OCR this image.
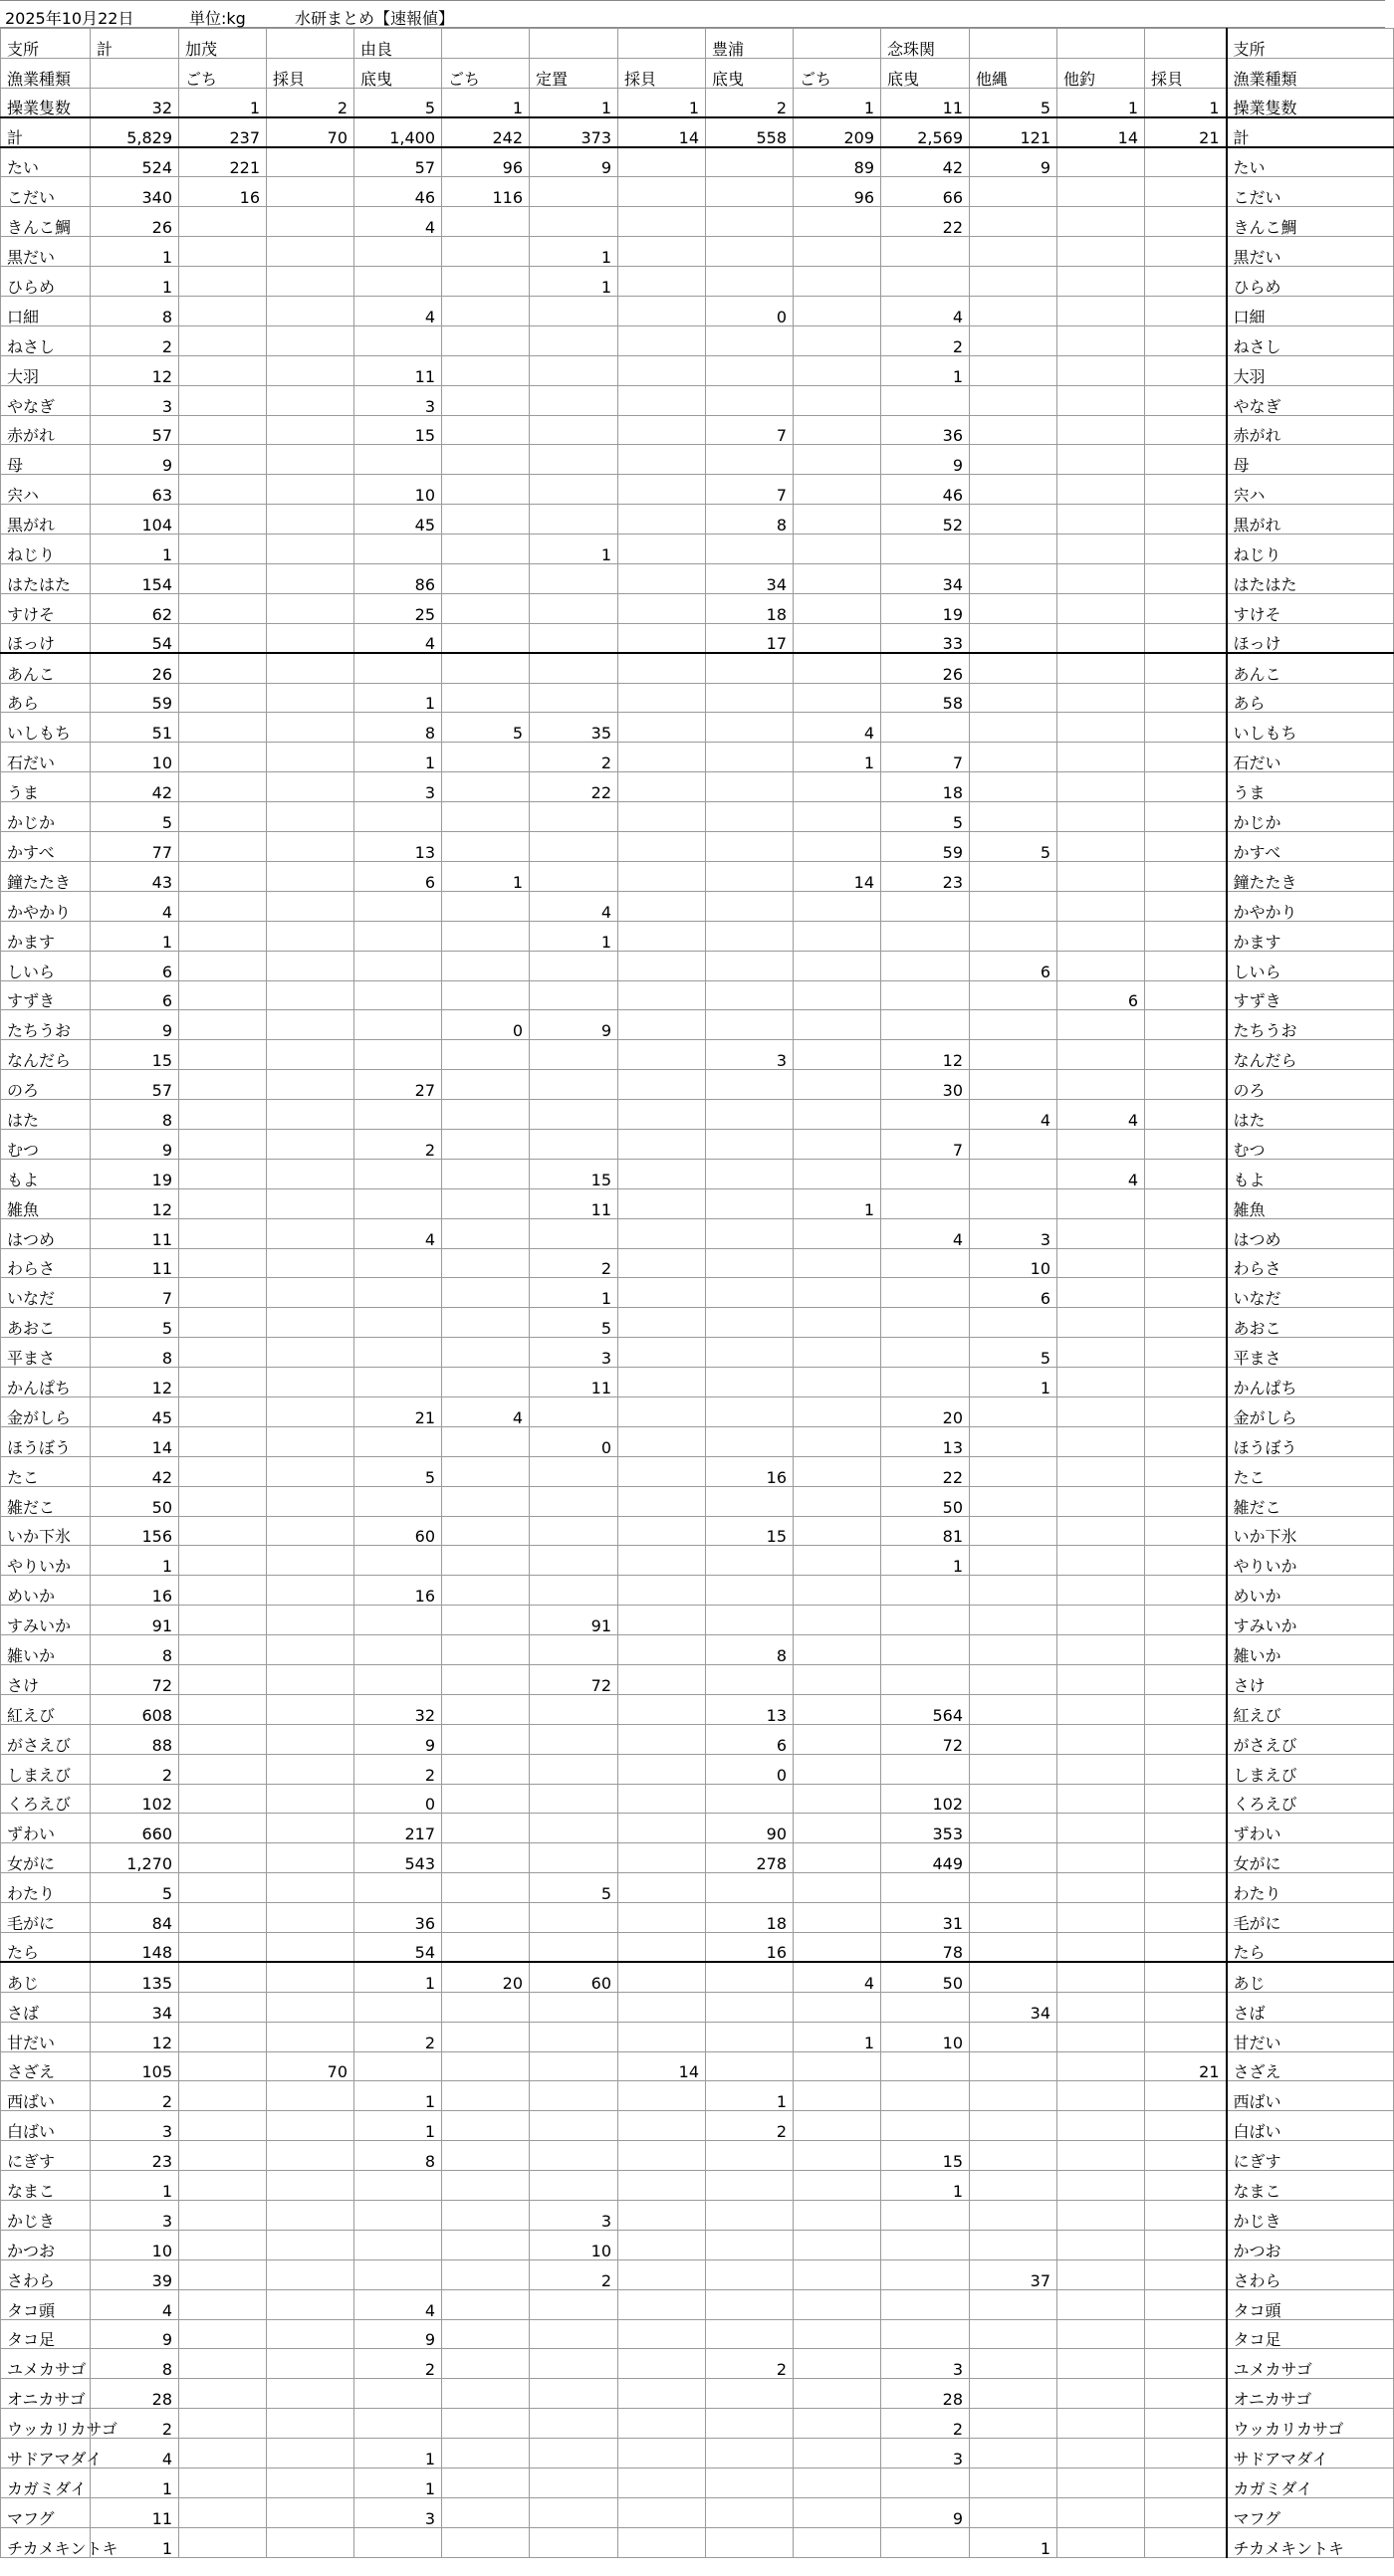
2025年10月22日	単位:kg	水研まとめ【速報値】
支所	計	加茂		由良				豊浦		念珠関				支所
漁業種類		ごち	採貝	底曳	ごち	定置	採貝	底曳	ごち	底曳	他縄	他釣	採貝	漁業種類
操業隻数	32	1	2	5	1	1	1	2	1	11	5	1	1	操業隻数
計	5,829	237	70	1,400	242	373	14	558	209	2,569	121	14	21	計
たい	524	221		57	96	9			89	42	9			たい
こだい	340	16		46	116				96	66				こだい
きんこ鯛	26			4						22				きんこ鯛
黒だい	1					1								黒だい
ひらめ	1					1								ひらめ
口細	8			4				0		4				口細
ねさし	2									2				ねさし
大羽	12			11						1				大羽
やなぎ	3			3										やなぎ
赤がれ	57			15				7		36				赤がれ
母	9									9				母
宍ハ	63			10				7		46				宍ハ
黒がれ	104			45				8		52				黒がれ
ねじり	1					1								ねじり
はたはた	154			86				34		34				はたはた
すけそ	62			25				18		19				すけそ
ほっけ	54			4				17		33				ほっけ
あんこ	26									26				あんこ
あら	59			1						58				あら
いしもち	51			8	5	35			4					いしもち
石だい	10			1		2			1	7				石だい
うま	42			3		22				18				うま
かじか	5									5				かじか
かすべ	77			13						59	5			かすべ
鐘たたき	43			6	1				14	23				鐘たたき
かやかり	4					4								かやかり
かます	1					1								かます
しいら	6										6			しいら
すずき	6											6		すずき
たちうお	9				0	9								たちうお
なんだら	15							3		12				なんだら
のろ	57			27						30				のろ
はた	8										4	4		はた
むつ	9			2						7				むつ
もよ	19					15						4		もよ
雑魚	12					11			1					雑魚
はつめ	11			4						4	3			はつめ
わらさ	11					2					10			わらさ
いなだ	7					1					6			いなだ
あおこ	5					5								あおこ
平まさ	8					3					5			平まさ
かんぱち	12					11					1			かんぱち
金がしら	45			21	4					20				金がしら
ほうぼう	14					0				13				ほうぼう
たこ	42			5				16		22				たこ
雑だこ	50									50				雑だこ
いか下氷	156			60				15		81				いか下氷
やりいか	1									1				やりいか
めいか	16			16										めいか
すみいか	91					91								すみいか
雑いか	8							8						雑いか
さけ	72					72								さけ
紅えび	608			32				13		564				紅えび
がさえび	88			9				6		72				がさえび
しまえび	2			2				0						しまえび
くろえび	102			0						102				くろえび
ずわい	660			217				90		353				ずわい
女がに	1,270			543				278		449				女がに
わたり	5					5								わたり
毛がに	84			36				18		31				毛がに
たら	148			54				16		78				たら
あじ	135			1	20	60			4	50				あじ
さば	34										34			さば
甘だい	12			2					1	10				甘だい
さざえ	105		70				14						21	さざえ
西ばい	2			1				1						西ばい
白ばい	3			1				2						白ばい
にぎす	23			8						15				にぎす
なまこ	1									1				なまこ
かじき	3					3								かじき
かつお	10					10								かつお
さわら	39					2					37			さわら
タコ頭	4			4										タコ頭
タコ足	9			9										タコ足
ユメカサゴ	8			2				2		3				ユメカサゴ
オニカサゴ	28									28				オニカサゴ
ウッカリカサゴ	2									2				ウッカリカサゴ
サドアマダイ	4			1						3				サドアマダイ
カガミダイ	1			1										カガミダイ
マフグ	11			3						9				マフグ
チカメキントキ	1										1			チカメキントキ
